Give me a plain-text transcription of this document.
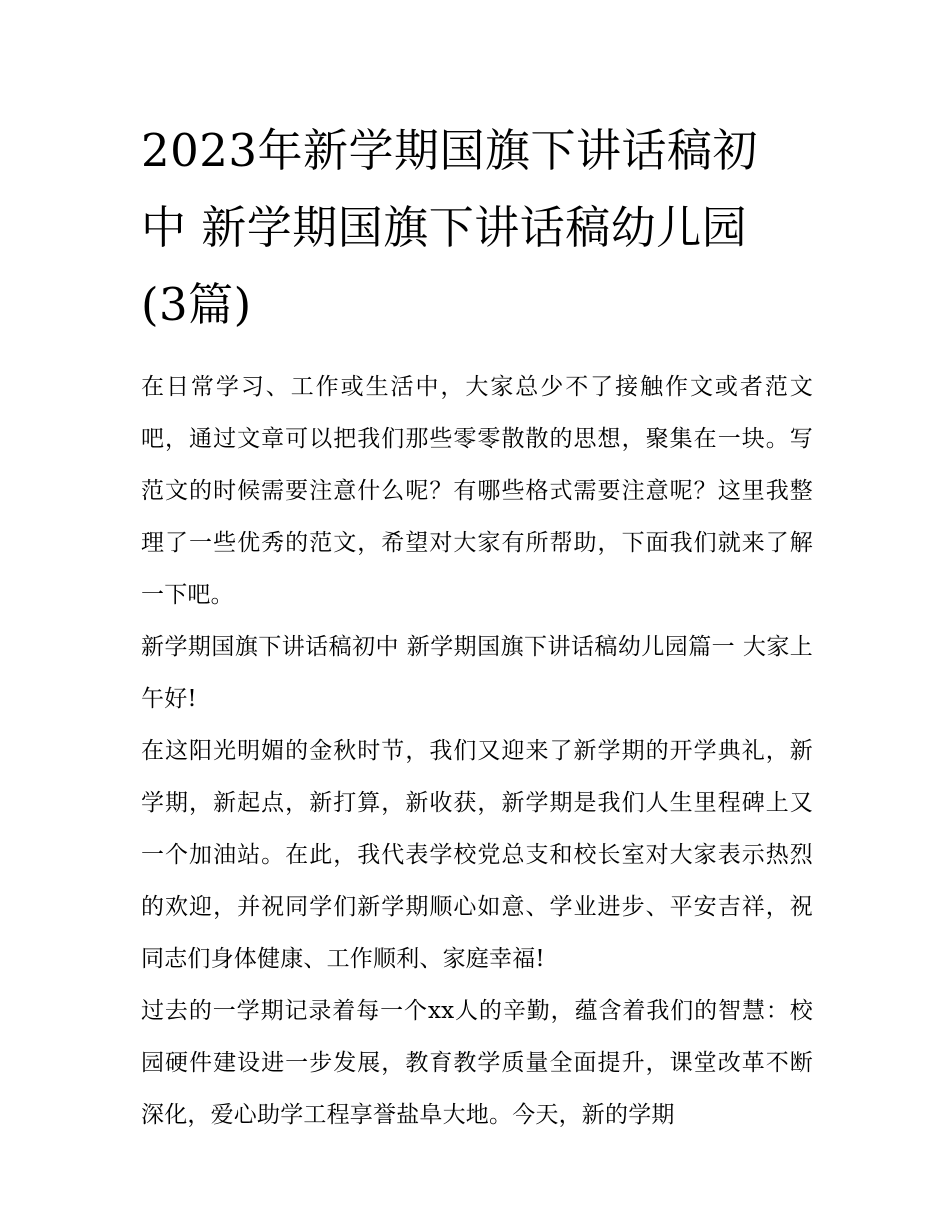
2023年新学期国旗下讲话稿初
中 新学期国旗下讲话稿幼儿园
(3篇)

在日常学习、工作或生活中，大家总少不了接触作文或者范文吧，通过文章可以把我们那些零零散散的思想，聚集在一块。写范文的时候需要注意什么呢？有哪些格式需要注意呢？这里我整理了一些优秀的范文，希望对大家有所帮助，下面我们就来了解一下吧。

新学期国旗下讲话稿初中 新学期国旗下讲话稿幼儿园篇一 大家上午好!

在这阳光明媚的金秋时节，我们又迎来了新学期的开学典礼，新学期，新起点，新打算，新收获，新学期是我们人生里程碑上又一个加油站。在此，我代表学校党总支和校长室对大家表示热烈的欢迎，并祝同学们新学期顺心如意、学业进步、平安吉祥，祝同志们身体健康、工作顺利、家庭幸福!

过去的一学期记录着每一个xx人的辛勤，蕴含着我们的智慧：校园硬件建设进一步发展，教育教学质量全面提升，课堂改革不断深化，爱心助学工程享誉盐阜大地。今天，新的学期
